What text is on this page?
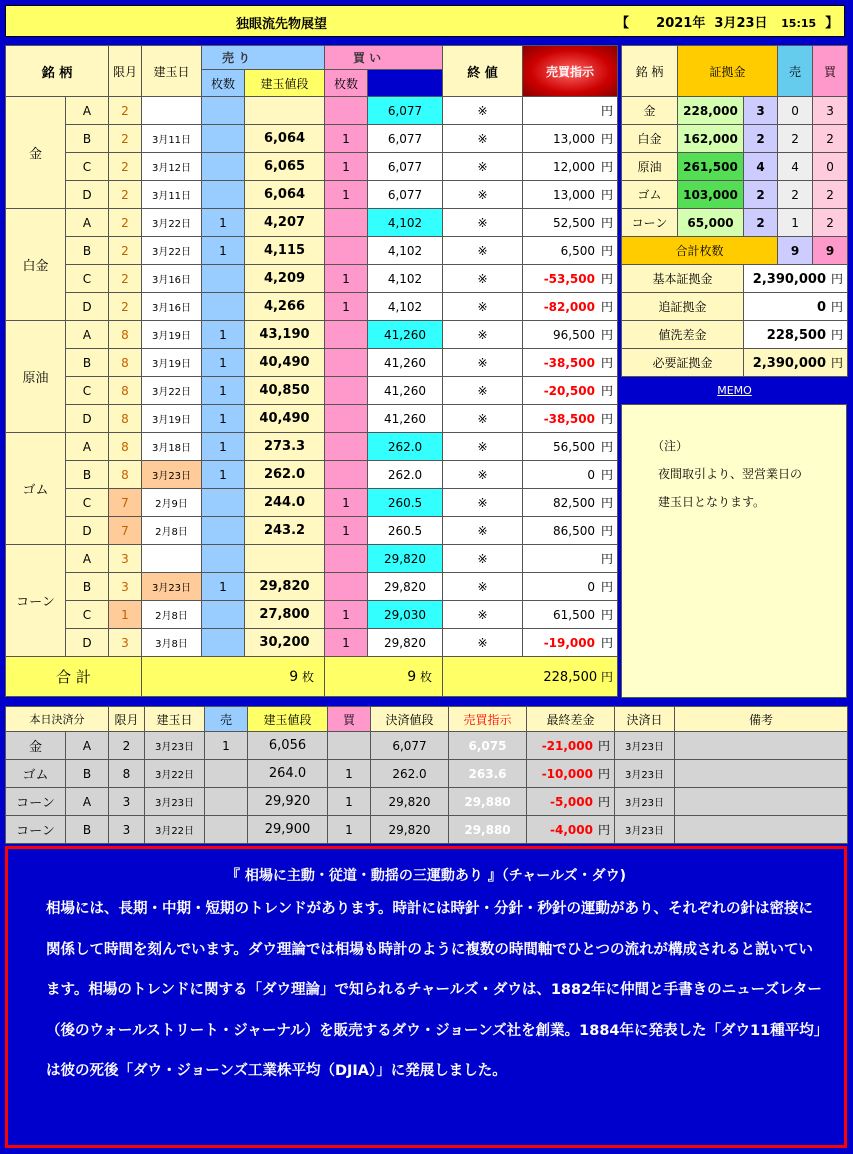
独眼流先物展望	【 2021年 3月23日 15:15 】
銘 柄		限月	建玉日	売 り		買 い		終 値	売買指示	
				枚数	建玉値段	枚数				
金	A	2					6,077	※	円	
	B	2	3月11日		6,064	1	6,077	※	13,000 円	
	C	2	3月12日		6,065	1	6,077	※	12,000 円	
	D	2	3月11日		6,064	1	6,077	※	13,000 円	
白金	A	2	3月22日	1	4,207		4,102	※	52,500 円	
	B	2	3月22日	1	4,115		4,102	※	6,500 円	
	C	2	3月16日		4,209	1	4,102	※	-53,500 円	
	D	2	3月16日		4,266	1	4,102	※	-82,000 円	
原油	A	8	3月19日	1	43,190		41,260	※	96,500 円	
	B	8	3月19日	1	40,490		41,260	※	-38,500 円	
	C	8	3月22日	1	40,850		41,260	※	-20,500 円	
	D	8	3月19日	1	40,490		41,260	※	-38,500 円	
ゴム	A	8	3月18日	1	273.3		262.0	※	56,500 円	
	B	8	3月23日	1	262.0		262.0	※	0 円	
	C	7	2月9日		244.0	1	260.5	※	82,500 円	
	D	7	2月8日		243.2	1	260.5	※	86,500 円	
コーン	A	3					29,820	※	円	
	B	3	3月23日	1	29,820		29,820	※	0 円	
	C	1	2月8日		27,800	1	29,030	※	61,500 円	
	D	3	3月8日		30,200	1	29,820	※	-19,000 円	
合 計			9 枚			9 枚		228,500 円		
銘 柄	証拠金		売	買
金	228,000	3	0	3
白金	162,000	2	2	2
原油	261,500	4	4	0
ゴム	103,000	2	2	2
コーン	65,000	2	1	2
合計枚数			9	9
基本証拠金		2,390,000 円		
追証拠金		0 円		
値洗差金		228,500 円		
必要証拠金		2,390,000 円		
MEMO				
（注）
夜間取引より、翌営業日の
建玉日となります。
本日決済分		限月	建玉日	売	建玉値段	買	決済値段	売買指示	最終差金	決済日	備考
金	A	2	3月23日	1	6,056		6,077	6,075	-21,000 円	3月23日	
ゴム	B	8	3月22日		264.0	1	262.0	263.6	-10,000 円	3月23日	
コーン	A	3	3月23日		29,920	1	29,820	29,880	-5,000 円	3月23日	
コーン	B	3	3月22日		29,900	1	29,820	29,880	-4,000 円	3月23日	
『 相場に主動・従道・動揺の三運動あり 』（チャールズ・ダウ)
相場には、長期・中期・短期のトレンドがあります。時計には時針・分針・秒針の運動があり、それぞれの針は密接に関係して時間を刻んでいます。ダウ理論では相場も時計のように複数の時間軸でひとつの流れが構成されると説いています。相場のトレンドに関する「ダウ理論」で知られるチャールズ・ダウは、1882年に仲間と手書きのニューズレター（後のウォールストリート・ジャーナル）を販売するダウ・ジョーンズ社を創業。1884年に発表した「ダウ11種平均」は彼の死後「ダウ・ジョーンズ工業株平均（DJIA）」に発展しました。
